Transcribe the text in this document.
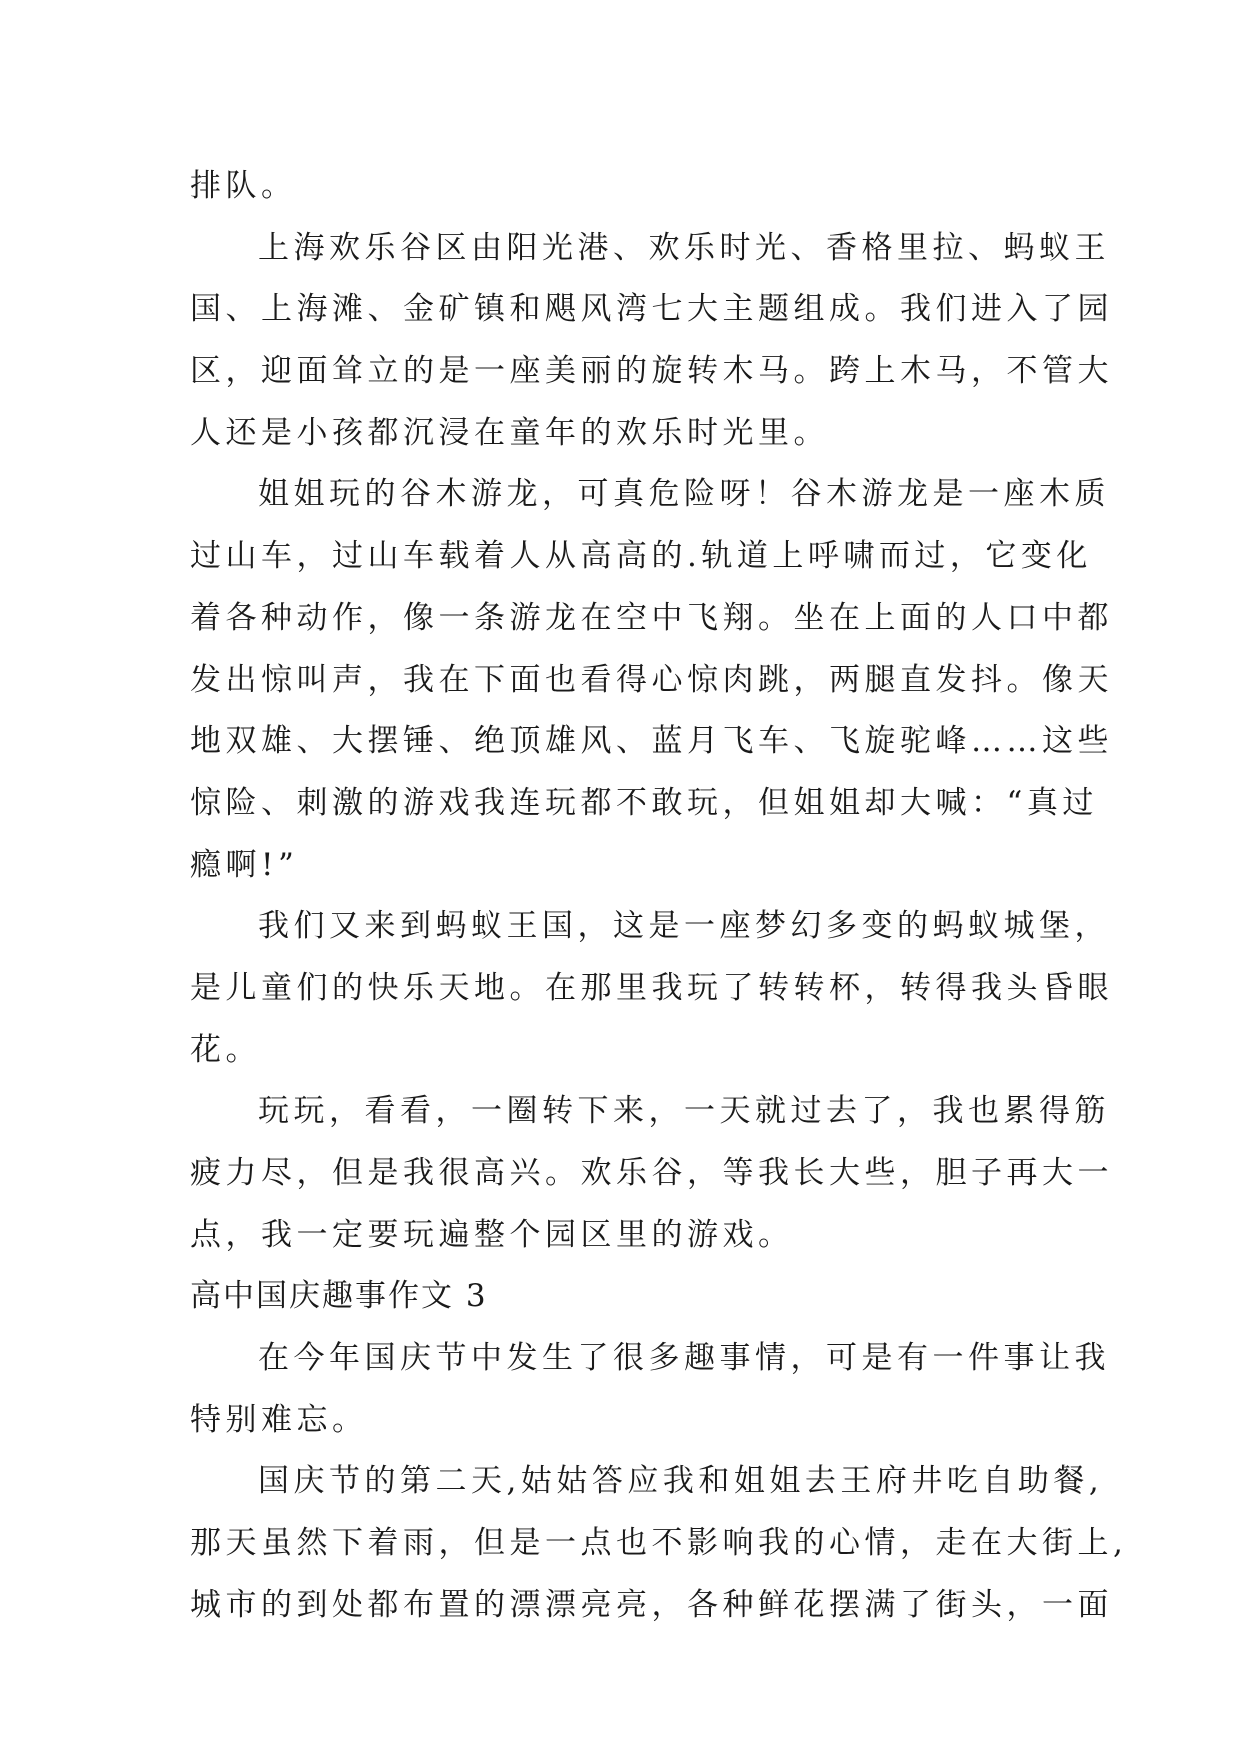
排队。
上海欢乐谷区由阳光港、欢乐时光、香格里拉、蚂蚁王
国、上海滩、金矿镇和飓风湾七大主题组成。我们进入了园
区，迎面耸立的是一座美丽的旋转木马。跨上木马，不管大
人还是小孩都沉浸在童年的欢乐时光里。
姐姐玩的谷木游龙，可真危险呀！谷木游龙是一座木质
过山车，过山车载着人从高高的.轨道上呼啸而过，它变化
着各种动作，像一条游龙在空中飞翔。坐在上面的人口中都
发出惊叫声，我在下面也看得心惊肉跳，两腿直发抖。像天
地双雄、大摆锤、绝顶雄风、蓝月飞车、飞旋驼峰……这些
惊险、刺激的游戏我连玩都不敢玩，但姐姐却大喊：“真过
瘾啊!”
我们又来到蚂蚁王国，这是一座梦幻多变的蚂蚁城堡，
是儿童们的快乐天地。在那里我玩了转转杯，转得我头昏眼
花。
玩玩，看看，一圈转下来，一天就过去了，我也累得筋
疲力尽，但是我很高兴。欢乐谷，等我长大些，胆子再大一
点，我一定要玩遍整个园区里的游戏。
高中国庆趣事作文 3
在今年国庆节中发生了很多趣事情，可是有一件事让我
特别难忘。
国庆节的第二天,姑姑答应我和姐姐去王府井吃自助餐,
那天虽然下着雨，但是一点也不影响我的心情，走在大街上,
城市的到处都布置的漂漂亮亮，各种鲜花摆满了街头，一面
